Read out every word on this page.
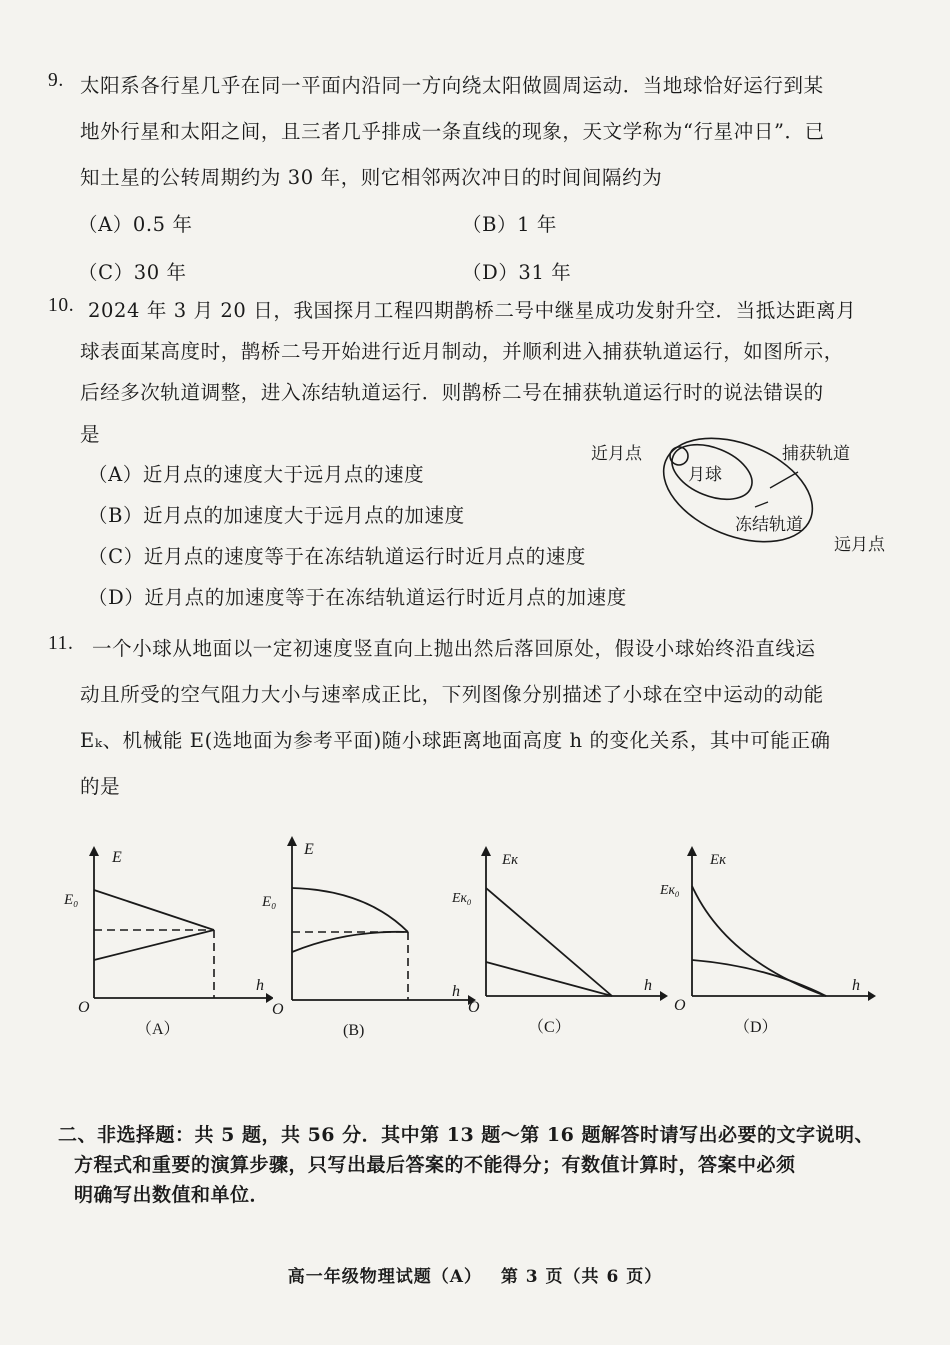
9. 太阳系各行星几乎在同一平面内沿同一方向绕太阳做圆周运动．当地球恰好运行到某
地外行星和太阳之间，且三者几乎排成一条直线的现象，天文学称为“行星冲日”．已
知土星的公转周期约为 30 年，则它相邻两次冲日的时间间隔约为
（A）0.5 年	（B）1 年
（C）30 年	（D）31 年
10. 2024 年 3 月 20 日，我国探月工程四期鹊桥二号中继星成功发射升空．当抵达距离月
球表面某高度时，鹊桥二号开始进行近月制动，并顺利进入捕获轨道运行，如图所示，
后经多次轨道调整，进入冻结轨道运行．则鹊桥二号在捕获轨道运行时的说法错误的
是
（A）近月点的速度大于远月点的速度
（B）近月点的加速度大于远月点的加速度
（C）近月点的速度等于在冻结轨道运行时近月点的速度
（D）近月点的加速度等于在冻结轨道运行时近月点的加速度
近月点
月球
捕获轨道
冻结轨道
远月点
11. 一个小球从地面以一定初速度竖直向上抛出然后落回原处，假设小球始终沿直线运
动且所受的空气阻力大小与速率成正比，下列图像分别描述了小球在空中运动的动能
Eₖ、机械能 E(选地面为参考平面)随小球距离地面高度 h 的变化关系，其中可能正确
的是
E
E₀
h
O
（A）
E
E₀
h
O
(B)
Eĸ
Eĸ₀
h
O
（C）
Eĸ
Eĸ₀
h
O
（D）
二、非选择题：共 5 题，共 56 分．其中第 13 题～第 16 题解答时请写出必要的文字说明、
方程式和重要的演算步骤，只写出最后答案的不能得分；有数值计算时，答案中必须
明确写出数值和单位．
高一年级物理试题（A） 第 3 页（共 6 页）
